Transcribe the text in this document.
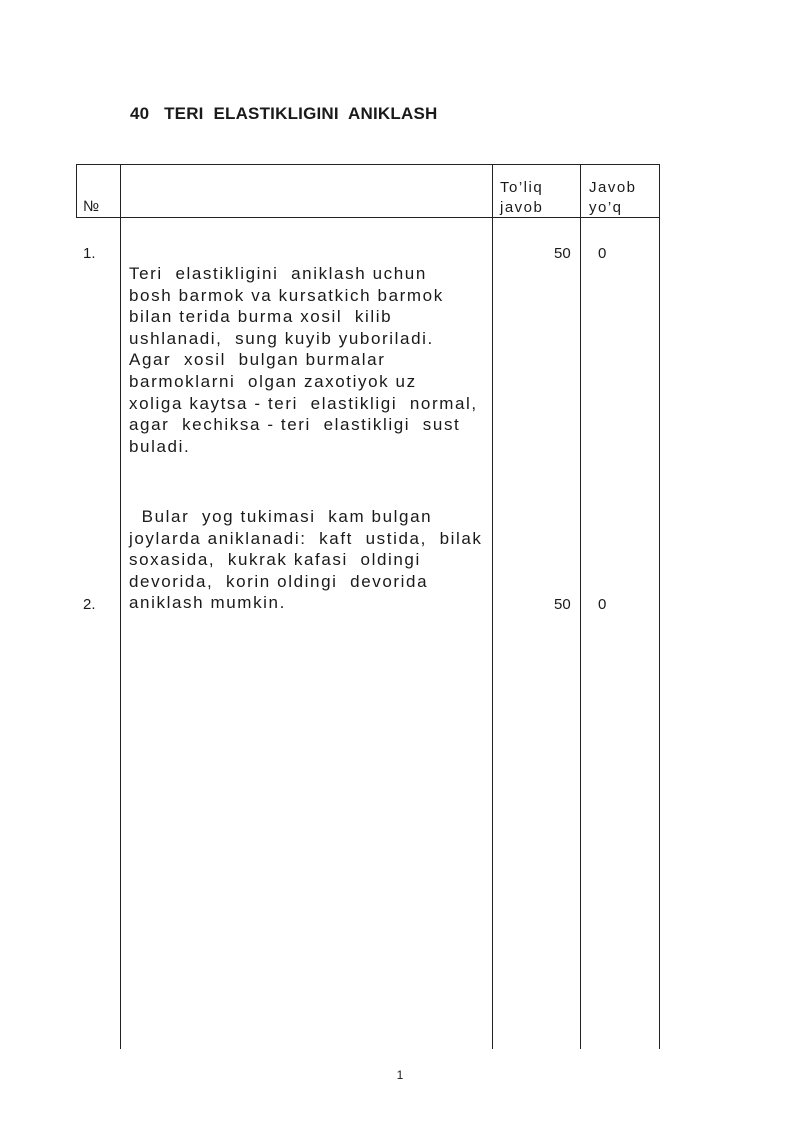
40   TERI  ELASTIKLIGINI  ANIKLASH
№
To’liq
javob
Javob
yo’q
1.	50 0
Teri  elastikligini  aniklash uchun
bosh barmok va kursatkich barmok
bilan terida burma xosil  kilib
ushlanadi,  sung kuyib yuboriladi.
Agar  xosil  bulgan burmalar
barmoklarni  olgan zaxotiyok uz
xoliga kaytsa - teri  elastikligi  normal,
agar  kechiksa - teri  elastikligi  sust
buladi.
Bular  yog tukimasi  kam bulgan
joylarda aniklanadi:  kaft  ustida,  bilak
soxasida,  kukrak kafasi  oldingi
devorida,  korin oldingi  devorida
aniklash mumkin.
2.	50 0
1
